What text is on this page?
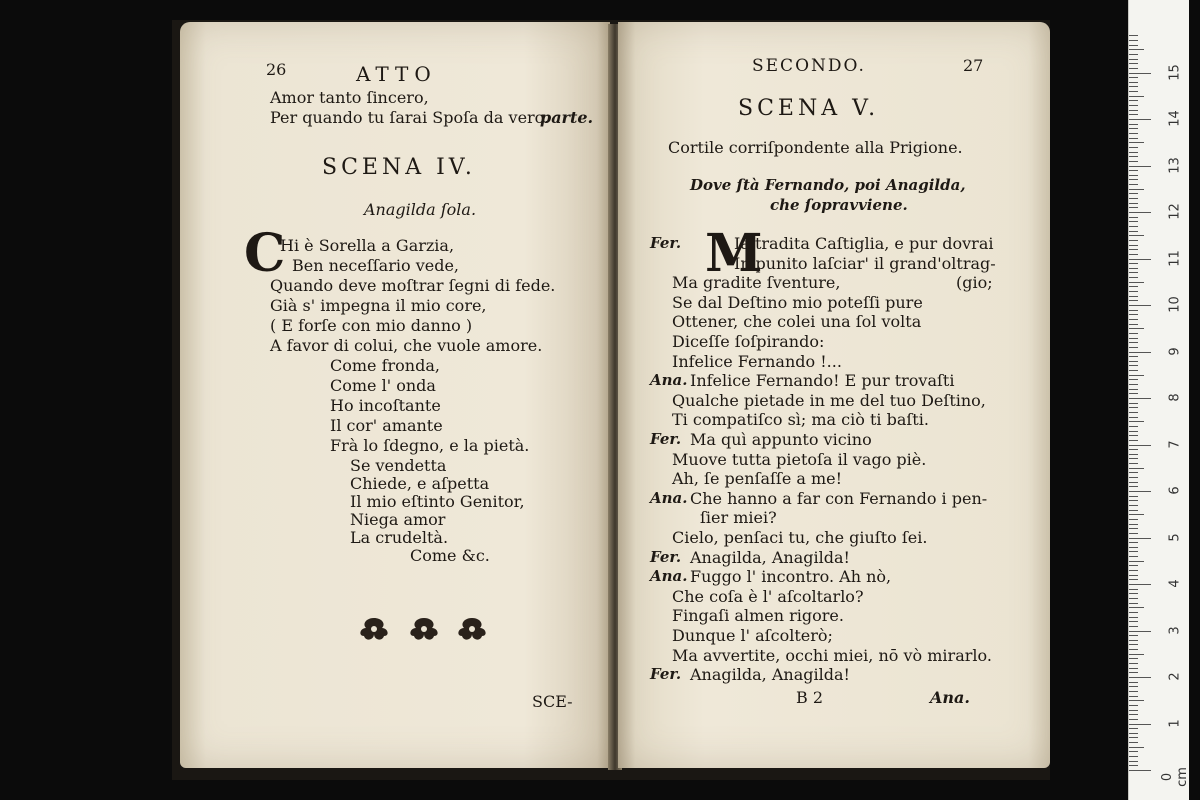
26	ATTO
Amor tanto ſincero,
Per quando tu ſarai Spoſa da vero.
parte.
SCENA IV.
Anagilda ſola.
C
Hi è Sorella a Garzia,
Ben neceſſario vede,
Quando deve moſtrar ſegni di fede.
Già s' impegna il mio core,
( E forſe con mio danno )
A favor di colui, che vuole amore.
Come fronda,
Come l' onda
Ho incoſtante
Il cor' amante
Frà lo ſdegno, e la pietà.
Se vendetta
Chiede, e aſpetta
Il mio eſtinto Genitor,
Niega amor
La crudeltà.
Come &c.
SCE-
SECONDO.	27
SCENA V.
Cortile corriſpondente alla Prigione.
Dove ſtà Fernando, poi Anagilda,
che ſopravviene.
M
Fer.	Ia tradita Caſtiglia, e pur dovrai
Impunito laſciar' il grand'oltrag-
Ma gradite ſventure,	(gio;
Se dal Deſtino mio poteſſi pure
Ottener, che colei una ſol volta
Diceſſe ſoſpirando:
Infelice Fernando !...
Ana. Infelice Fernando! E pur trovaſti
Qualche pietade in me del tuo Deſtino,
Ti compatiſco sì; ma ciò ti baſti.
Fer. Ma quì appunto vicino
Muove tutta pietoſa il vago piè.
Ah, ſe penſaſſe a me!
Ana. Che hanno a far con Fernando i pen-
ſier miei?
Cielo, penſaci tu, che giuſto ſei.
Fer. Anagilda, Anagilda!
Ana. Fuggo l' incontro. Ah nò,
Che coſa è l' aſcoltarlo?
Fingaſi almen rigore.
Dunque l' aſcolterò;
Ma avvertite, occhi miei, nō vò mirarlo.
Fer. Anagilda, Anagilda!
B 2	Ana.
0 cm
1
2
3
4
5
6
7
8
9
10
11
12
13
14
15
